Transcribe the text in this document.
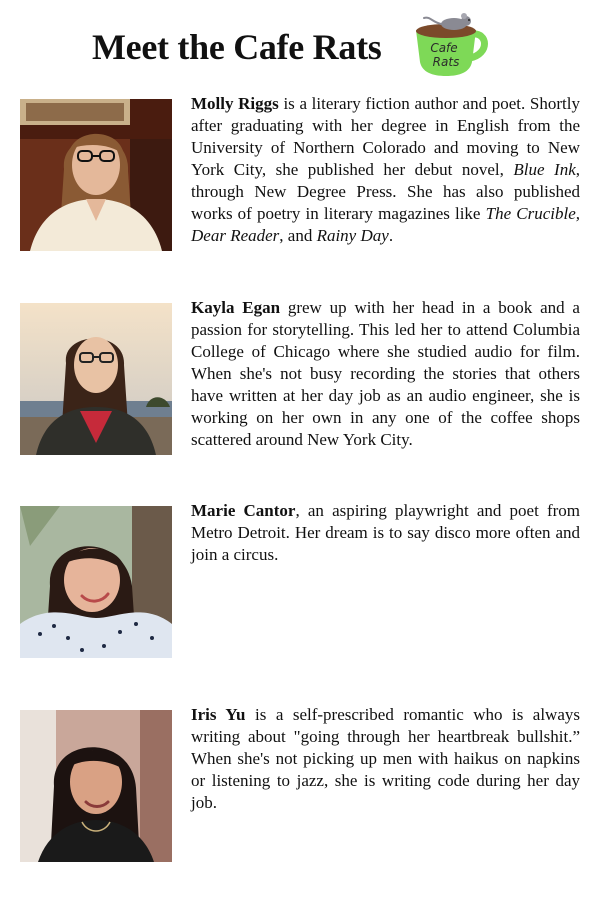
Meet the Cafe Rats	Cafe
Rats

Molly Riggs is a literary fiction author and poet. Shortly after graduating with her degree in English from the University of Northern Colorado and moving to New York City, she published her debut novel, Blue Ink, through New Degree Press. She has also published works of poetry in literary magazines like The Crucible, Dear Reader, and Rainy Day.

Kayla Egan grew up with her head in a book and a passion for storytelling. This led her to attend Columbia College of Chicago where she studied audio for film. When she's not busy recording the stories that others have written at her day job as an audio engineer, she is working on her own in any one of the coffee shops scattered around New York City.

Marie Cantor, an aspiring playwright and poet from Metro Detroit. Her dream is to say disco more often and join a circus.

Iris Yu is a self-prescribed romantic who is always writing about "going through her heartbreak bullshit.” When she's not picking up men with haikus on napkins or listening to jazz, she is writing code during her day job.
